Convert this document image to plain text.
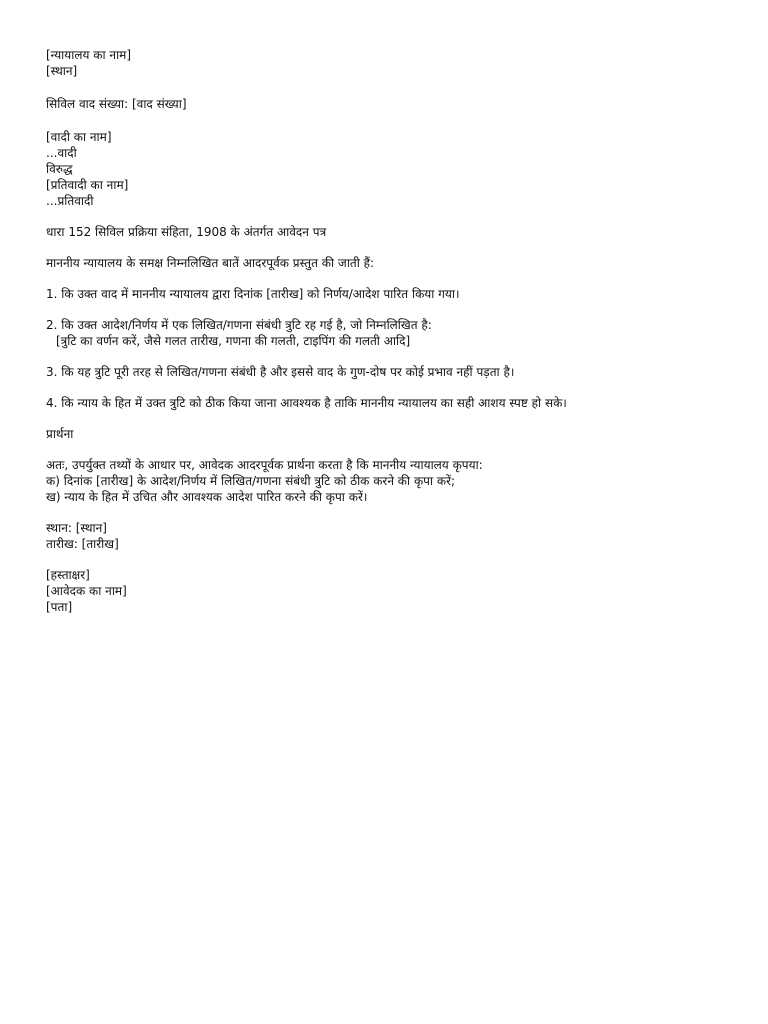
[न्यायालय का नाम]
[स्थान]
सिविल वाद संख्या: [वाद संख्या]
[वादी का नाम]
...वादी
विरुद्ध
[प्रतिवादी का नाम]
...प्रतिवादी
धारा 152 सिविल प्रक्रिया संहिता, 1908 के अंतर्गत आवेदन पत्र
माननीय न्यायालय के समक्ष निम्नलिखित बातें आदरपूर्वक प्रस्तुत की जाती हैं:
1. कि उक्त वाद में माननीय न्यायालय द्वारा दिनांक [तारीख] को निर्णय/आदेश पारित किया गया।
2. कि उक्त आदेश/निर्णय में एक लिखित/गणना संबंधी त्रुटि रह गई है, जो निम्नलिखित है:
[त्रुटि का वर्णन करें, जैसे गलत तारीख, गणना की गलती, टाइपिंग की गलती आदि]
3. कि यह त्रुटि पूरी तरह से लिखित/गणना संबंधी है और इससे वाद के गुण-दोष पर कोई प्रभाव नहीं पड़ता है।
4. कि न्याय के हित में उक्त त्रुटि को ठीक किया जाना आवश्यक है ताकि माननीय न्यायालय का सही आशय स्पष्ट हो सके।
प्रार्थना
अतः, उपर्युक्त तथ्यों के आधार पर, आवेदक आदरपूर्वक प्रार्थना करता है कि माननीय न्यायालय कृपया:
क) दिनांक [तारीख] के आदेश/निर्णय में लिखित/गणना संबंधी त्रुटि को ठीक करने की कृपा करें;
ख) न्याय के हित में उचित और आवश्यक आदेश पारित करने की कृपा करें।
स्थान: [स्थान]
तारीख: [तारीख]
[हस्ताक्षर]
[आवेदक का नाम]
[पता]
